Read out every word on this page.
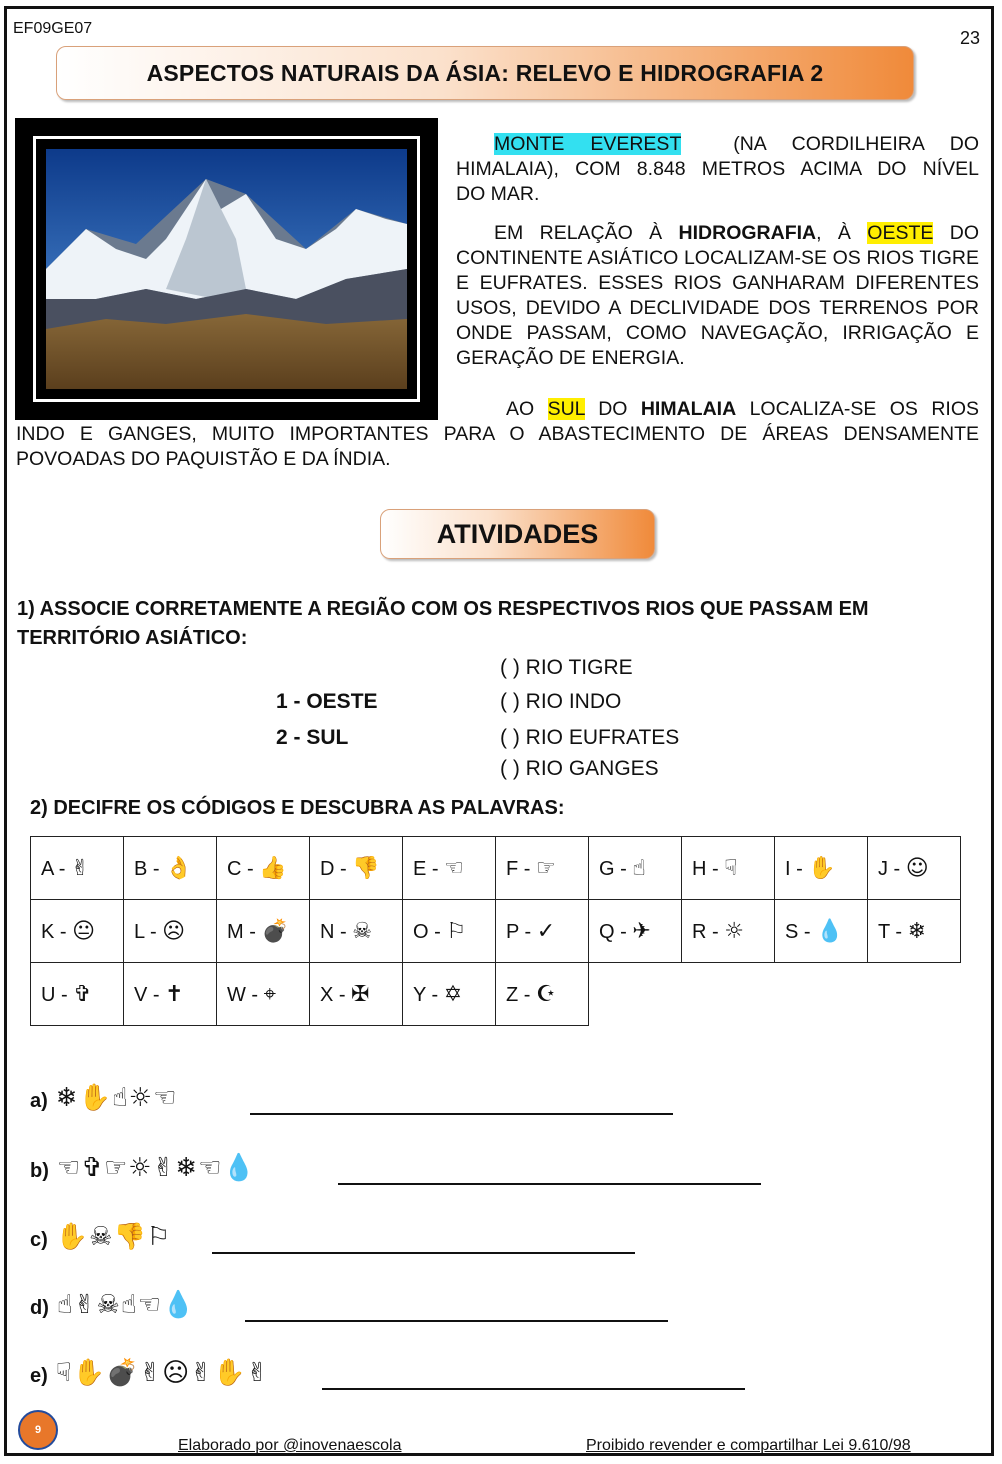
EF09GE07	23
ASPECTOS NATURAIS DA ÁSIA: RELEVO E HIDROGRAFIA 2

MONTE EVEREST	(NA CORDILHEIRA DO

HIMALAIA), COM 8.848 METROS ACIMA DO NÍVEL

DO MAR.

EM RELAÇÃO À HIDROGRAFIA, À OESTE DO CONTINENTE ASIÁTICO LOCALIZAM-SE OS RIOS TIGRE E EUFRATES. ESSES RIOS GANHARAM DIFERENTES USOS, DEVIDO A DECLIVIDADE DOS TERRENOS POR ONDE PASSAM, COMO NAVEGAÇÃO, IRRIGAÇÃO E GERAÇÃO DE ENERGIA.
AO SUL DO HIMALAIA LOCALIZA-SE OS RIOS INDO E GANGES, MUITO IMPORTANTES PARA O ABASTECIMENTO DE ÁREAS DENSAMENTE POVOADAS DO PAQUISTÃO E DA ÍNDIA.
ATIVIDADES
1) ASSOCIE CORRETAMENTE A REGIÃO COM OS RESPECTIVOS RIOS QUE PASSAM EM TERRITÓRIO ASIÁTICO:
( ) RIO TIGRE
1 - OESTE	( ) RIO INDO
2 - SUL	( ) RIO EUFRATES
( ) RIO GANGES
2) DECIFRE OS CÓDIGOS E DESCUBRA AS PALAVRAS:
A - ✌	B - 👌	C - 👍	D - 👎	E - ☜	F - ☞	G - ☝	H - ☟	I - ✋	J - ☺
K - 😐	L - ☹	M - 💣	N - ☠	O - ⚐	P - ✓	Q - ✈	R - ☼	S - 💧	T - ❄
U - ✞	V - ✝	W - ⌖	X - ✠	Y - ✡	Z - ☪				
a) ❄✋☝☼☜
b) ☜✞☞☼✌❄☜💧
c) ✋☠👎⚐
d) ☝✌☠☝☜💧
e) ☟✋💣✌☹✌✋✌
9
Elaborado por @inovenaescola	Proibido revender e compartilhar Lei 9.610/98
